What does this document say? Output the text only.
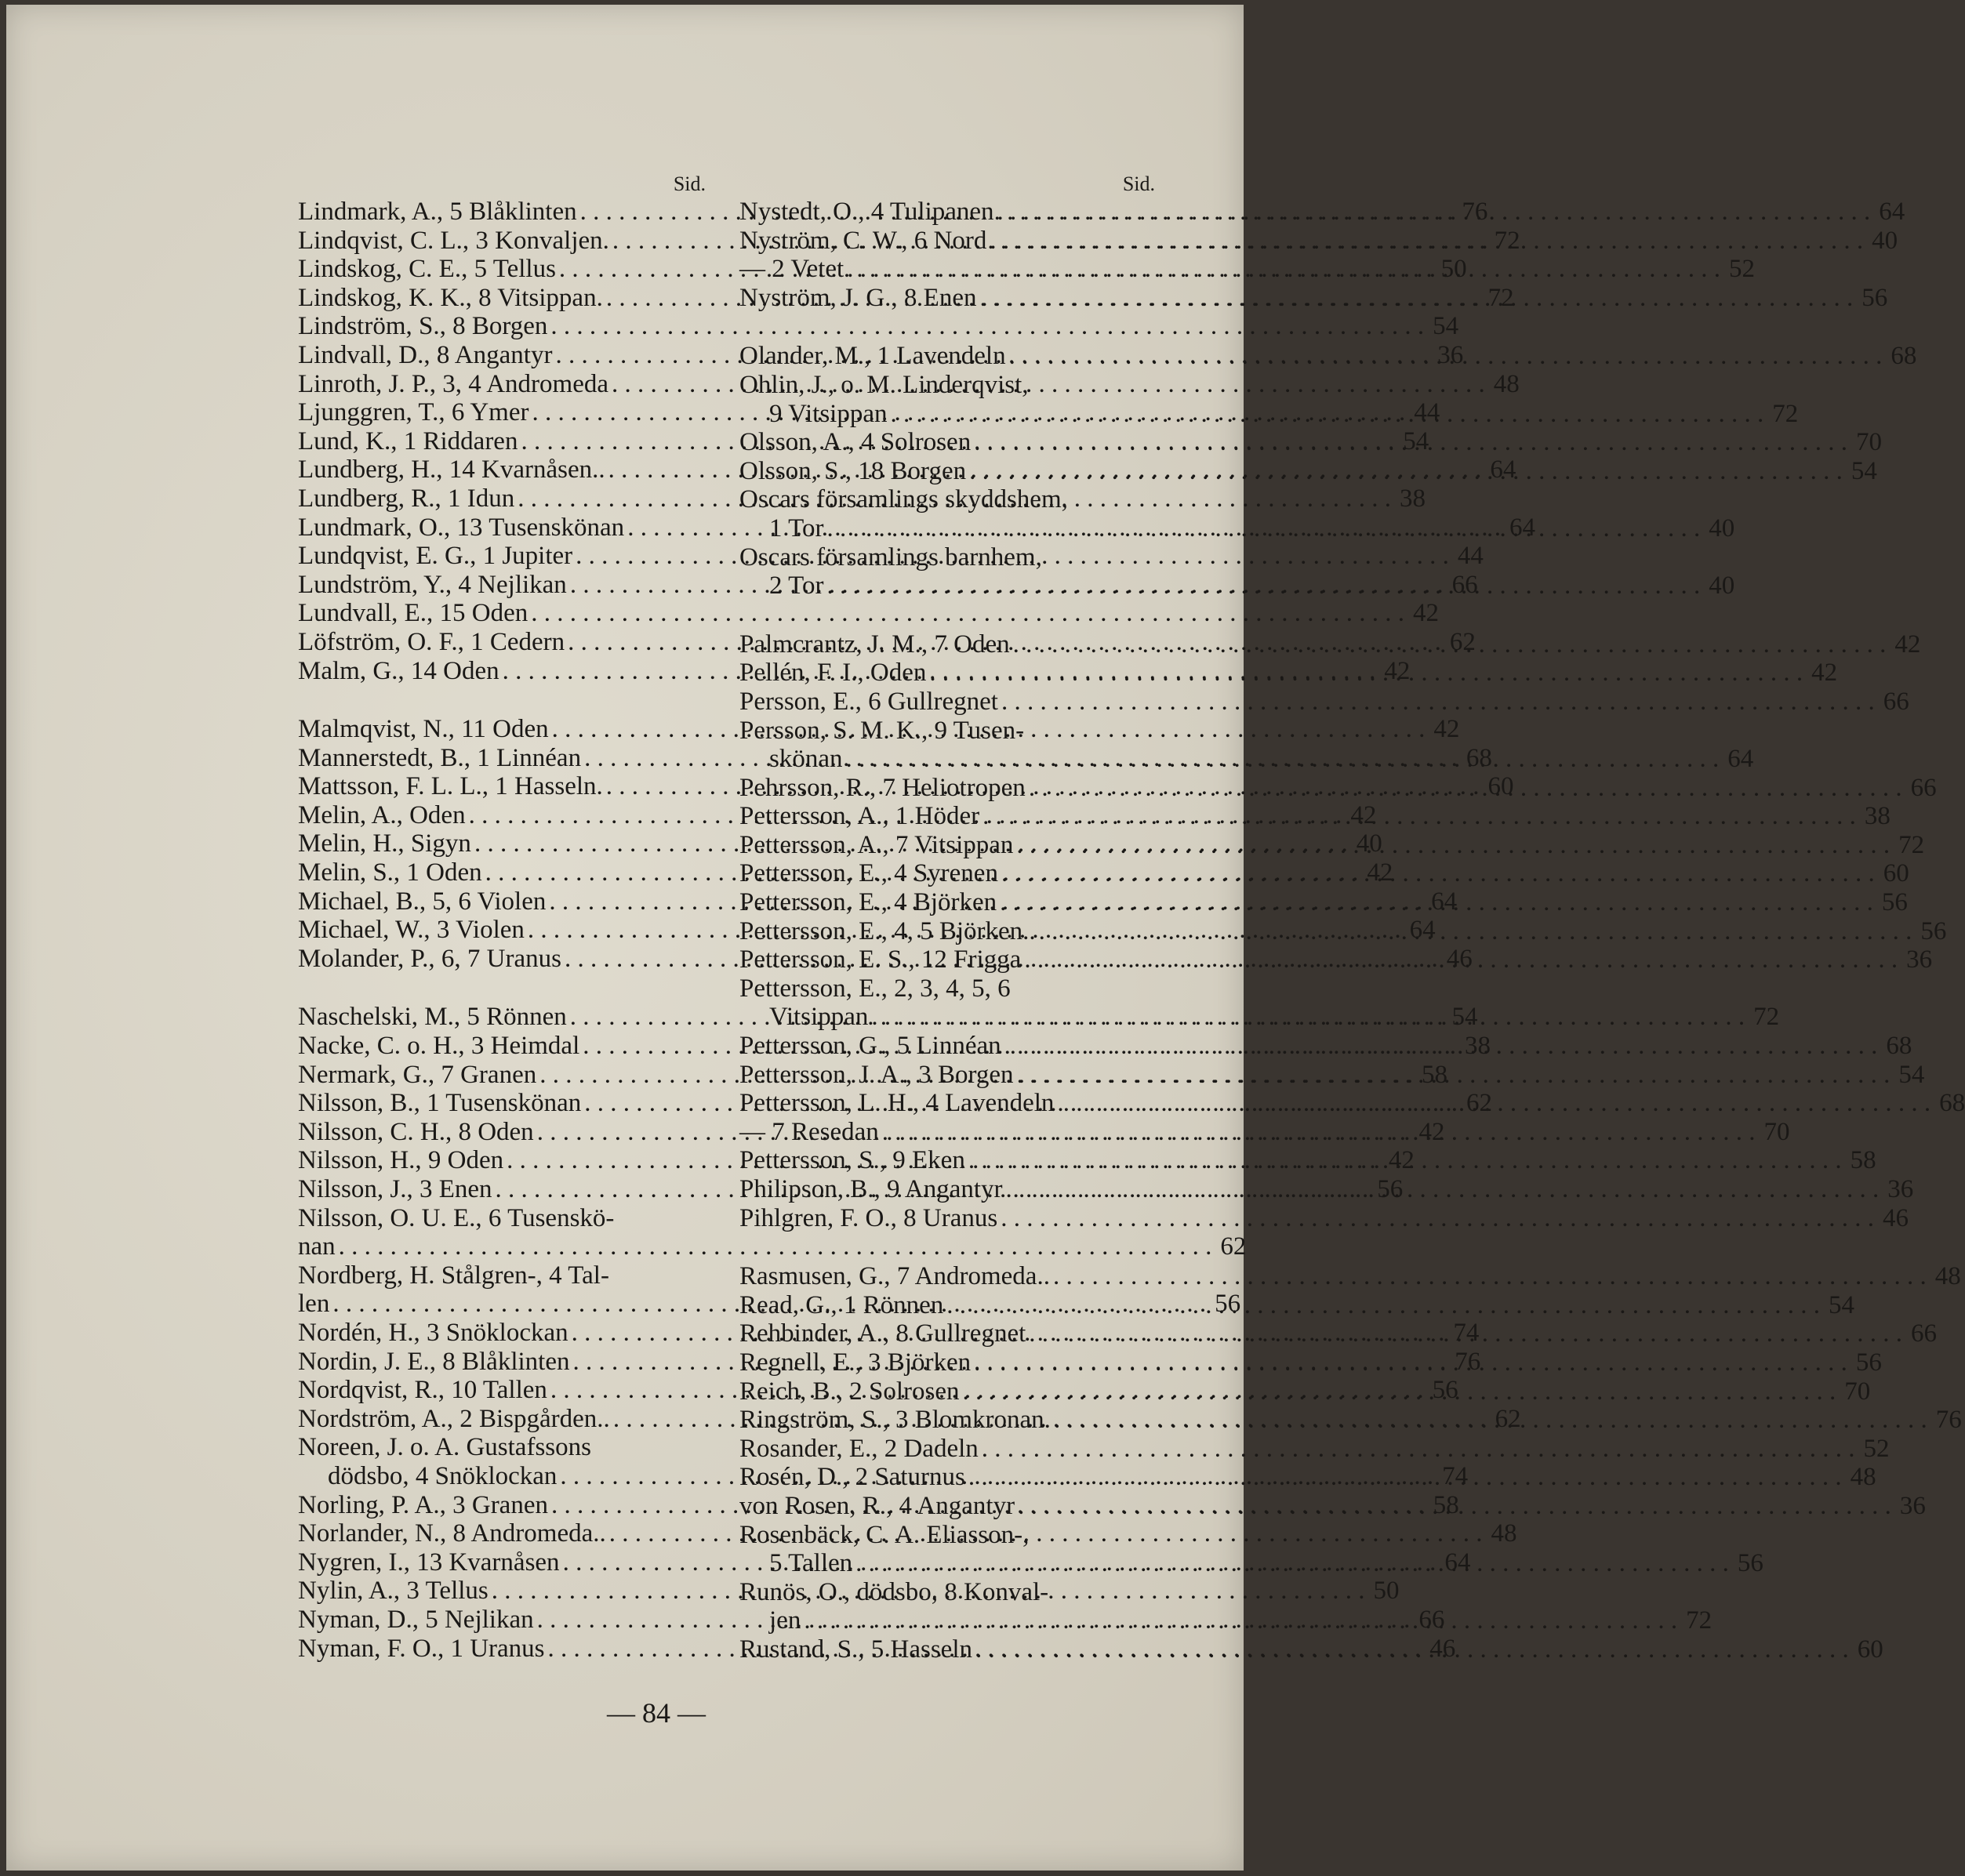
Sid.
Lindmark, A., 5 Blåklinten . . .	76
Lindqvist, C. L., 3 Konvaljen. . . .	72
Lindskog, C. E., 5 Tellus . . .	50
Lindskog, K. K., 8 Vitsippan. . . .	72
Lindström, S., 8 Borgen . . .	54
Lindvall, D., 8 Angantyr . . .	36
Linroth, J. P., 3, 4 Andromeda . . .	48
Ljunggren, T., 6 Ymer . . .	44
Lund, K., 1 Riddaren . . .	54
Lundberg, H., 14 Kvarnåsen.. . . .	64
Lundberg, R., 1 Idun . . .	38
Lundmark, O., 13 Tusenskönan . . .	64
Lundqvist, E. G., 1 Jupiter . . .	44
Lundström, Y., 4 Nejlikan . . .	66
Lundvall, E., 15 Oden . . .	42
Löfström, O. F., 1 Cedern . . .	62
Malm, G., 14 Oden . . .	42
Malmqvist, N., 11 Oden . . .	42
Mannerstedt, B., 1 Linnéan . . .	68
Mattsson, F. L. L., 1 Hasseln. . . .	60
Melin, A., Oden . . .	42
Melin, H., Sigyn . . .	40
Melin, S., 1 Oden . . .	42
Michael, B., 5, 6 Violen . . .	64
Michael, W., 3 Violen . . .	64
Molander, P., 6, 7 Uranus . . .	46
Naschelski, M., 5 Rönnen . . .	54
Nacke, C. o. H., 3 Heimdal . . .	38
Nermark, G., 7 Granen . . .	58
Nilsson, B., 1 Tusenskönan . . .	62
Nilsson, C. H., 8 Oden . . .	42
Nilsson, H., 9 Oden . . .	42
Nilsson, J., 3 Enen . . .	56
Nilsson, O. U. E., 6 Tusenskö-
nan . . .	62
Nordberg, H. Stålgren-, 4 Tal-
len . . .	56
Nordén, H., 3 Snöklockan . . .	74
Nordin, J. E., 8 Blåklinten . . .	76
Nordqvist, R., 10 Tallen . . .	56
Nordström, A., 2 Bispgården.. . . .	62
Noreen, J. o. A. Gustafssons
dödsbo, 4 Snöklockan . . .	74
Norling, P. A., 3 Granen . . .	58
Norlander, N., 8 Andromeda.. . . .	48
Nygren, I., 13 Kvarnåsen . . .	64
Nylin, A., 3 Tellus . . .	50
Nyman, D., 5 Nejlikan . . .	66
Nyman, F. O., 1 Uranus . . .	46
Sid.
Nystedt, O., 4 Tulipanen . . .	64
Nyström, C. W., 6 Nord . . .	40
— 2 Vetet . . .	52
Nyström, J. G., 8 Enen . . .	56
Olander, M., 1 Lavendeln . . .	68
Ohlin, J., o. M. Linderqvist,
9 Vitsippan . . .	72
Olsson, A., 4 Solrosen . . .	70
Olsson, S., 18 Borgen . . .	54
Oscars församlings skyddshem,
1 Tor . . .	40
Oscars församlings barnhem,
2 Tor . . .	40
Palmcrantz, J. M., 7 Oden . . .	42
Pellén, F. I., Oden . . .	42
Persson, E., 6 Gullregnet . . .	66
Persson, S. M. K., 9 Tusen-
skönan . . .	64
Pehrsson, R., 7 Heliotropen . . .	66
Pettersson, A., 1 Höder . . .	38
Pettersson, A., 7 Vitsippan . . .	72
Pettersson, E., 4 Syrenen . . .	60
Pettersson, E., 4 Björken . . .	56
Pettersson, E., 4, 5 Björken.. . . .	56
Pettersson, E. S., 12 Frigga . . .	36
Pettersson, E., 2, 3, 4, 5, 6
Vitsippan . . .	72
Pettersson, G., 5 Linnéan . . .	68
Pettersson, J. A., 3 Borgen . . .	54
Pettersson, L. H., 4 Lavendeln . . .	68
— 7 Resedan . . .	70
Pettersson, S., 9 Eken . . .	58
Philipson, B., 9 Angantyr . . .	36
Pihlgren, F. O., 8 Uranus . . .	46
Rasmusen, G., 7 Andromeda.. . . .	48
Read, G., 1 Rönnen . . .	54
Rehbinder, A., 8 Gullregnet . . .	66
Regnell, E., 3 Björken . . .	56
Reich, B., 2 Solrosen . . .	70
Ringström, S., 3 Blomkronan. . . .	76
Rosander, E., 2 Dadeln . . .	52
Rosén, D., 2 Saturnus . . .	48
von Rosen, R., 4 Angantyr . . .	36
Rosenbäck, C. A. Eliasson-,
5 Tallen . . .	56
Runös, O., dödsbo, 8 Konval-
jen . . .	72
Rustand, S., 5 Hasseln . . .	60
— 84 —
